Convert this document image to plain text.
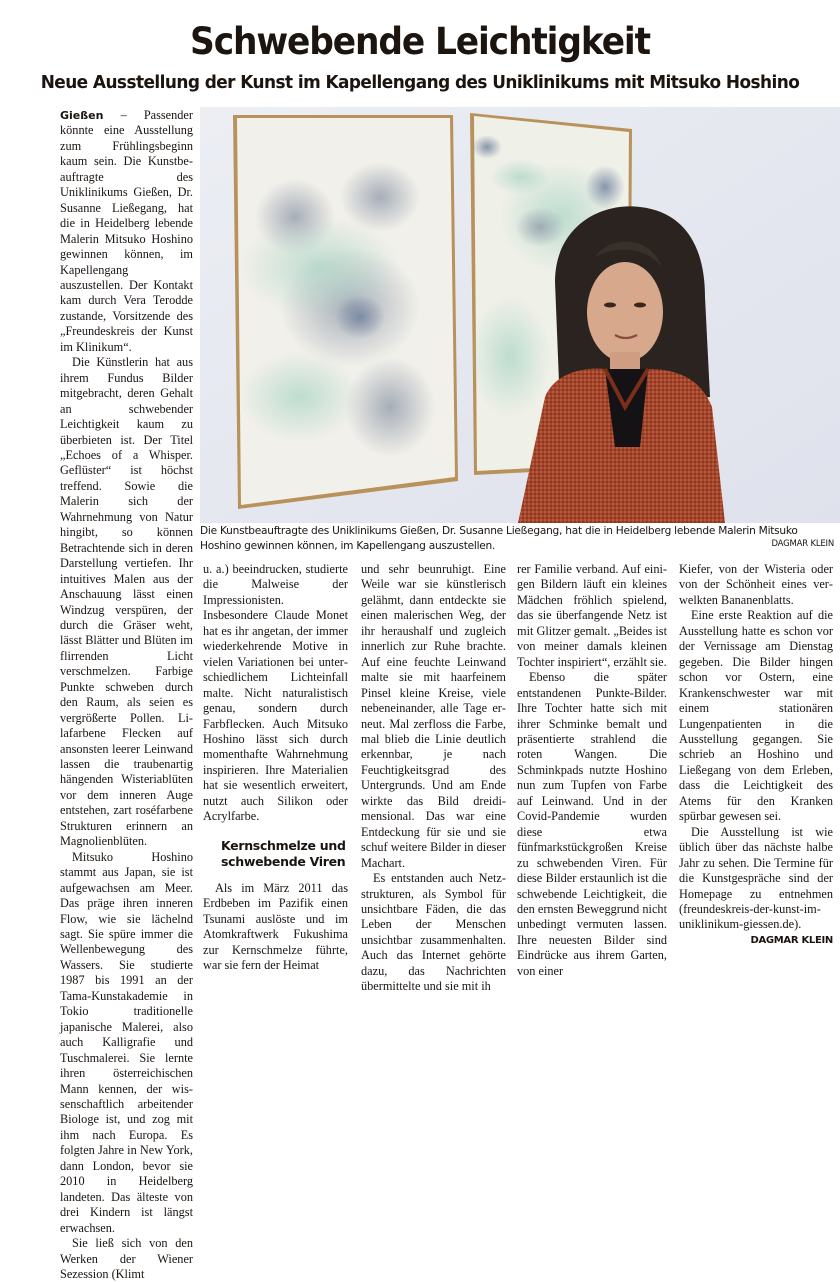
Schwebende Leichtigkeit
Neue Ausstellung der Kunst im Kapellengang des Uniklinikums mit Mitsuko Hoshino

Gießen – Passender könnte eine Ausstellung zum Frühlingsbeginn kaum sein. Die Kunstbeauftragte des Uniklinikums Gießen, Dr. Susanne Ließegang, hat die in Heidelberg lebende Malerin Mitsuko Hoshino gewinnen können, im Kapellengang auszustellen. Der Kontakt kam durch Vera Terodde zustande, Vorsitzende des „Freundeskreis der Kunst im Klinikum“.

Die Künstlerin hat aus ihrem Fundus Bilder mitgebracht, deren Gehalt an schwebender Leichtigkeit kaum zu überbieten ist. Der Titel „Echoes of a Whisper. Geflüster“ ist höchst treffend. Sowie die Malerin sich der Wahrnehmung von Natur hingibt, so können Betrachtende sich in deren Darstellung vertiefen. Ihr intuitives Malen aus der Anschauung lässt einen Windzug verspüren, der durch die Gräser weht, lässt Blätter und Blüten im flirrenden Licht verschmelzen. Farbige Punkte schweben durch den Raum, als seien es vergrößerte Pollen. Lilafarbene Flecken auf ansonsten leerer Leinwand lassen die traubenartig hängenden Wisteriablüten vor dem inneren Auge entstehen, zart roséfarbene Strukturen erinnern an Magnolienblüten.

Mitsuko Hoshino stammt aus Japan, sie ist aufgewachsen am Meer. Das präge ihren inneren Flow, wie sie lächelnd sagt. Sie spüre immer die Wellenbewegung des Wassers. Sie studierte 1987 bis 1991 an der Tama-Kunstakademie in Tokio traditionelle japanische Malerei, also auch Kalligrafie und Tuschmalerei. Sie lernte ihren österreichischen Mann kennen, der wissenschaftlich arbeitender Biologe ist, und zog mit ihm nach Europa. Es folgten Jahre in New York, dann London, bevor sie 2010 in Heidelberg landeten. Das älteste von drei Kindern ist längst erwachsen.

Sie ließ sich von den Werken der Wiener Sezession (Klimt

Die Kunstbeauftragte des Uniklinikums Gießen, Dr. Susanne Ließegang, hat die in Heidelberg lebende Malerin Mitsuko Hoshino gewinnen können, im Kapellengang auszustellen.	DAGMAR KLEIN

u. a.) beeindrucken, studierte die Malweise der Impressionisten. Insbesondere Claude Monet hat es ihr angetan, der immer wiederkehrende Motive in vielen Variationen bei unterschiedlichem Lichteinfall malte. Nicht naturalistisch genau, sondern durch Farbflecken. Auch Mitsuko Hoshino lässt sich durch momenthafte Wahrnehmung inspirieren. Ihre Materialien hat sie wesentlich erweitert, nutzt auch Silikon oder Acrylfarbe.

Kernschmelze und schwebende Viren

Als im März 2011 das Erdbeben im Pazifik einen Tsunami auslöste und im Atomkraftwerk Fukushima zur Kernschmelze führte, war sie fern der Heimat

und sehr beunruhigt. Eine Weile war sie künstlerisch gelähmt, dann entdeckte sie einen malerischen Weg, der ihr heraushalf und zugleich innerlich zur Ruhe brachte. Auf eine feuchte Leinwand malte sie mit haarfeinem Pinsel kleine Kreise, viele nebeneinander, alle Tage erneut. Mal zerfloss die Farbe, mal blieb die Linie deutlich erkennbar, je nach Feuchtigkeitsgrad des Untergrunds. Und am Ende wirkte das Bild dreidimensional. Das war eine Entdeckung für sie und sie schuf weitere Bilder in dieser Machart.

Es entstanden auch Netzstrukturen, als Symbol für unsichtbare Fäden, die das Leben der Menschen unsichtbar zusammenhalten. Auch das Internet gehörte dazu, das Nachrichten übermittelte und sie mit ih

rer Familie verband. Auf einigen Bildern läuft ein kleines Mädchen fröhlich spielend, das sie überfangende Netz ist mit Glitzer gemalt. „Beides ist von meiner damals kleinen Tochter inspiriert“, erzählt sie.

Ebenso die später entstandenen Punkte-Bilder. Ihre Tochter hatte sich mit ihrer Schminke bemalt und präsentierte strahlend die roten Wangen. Die Schminkpads nutzte Hoshino nun zum Tupfen von Farbe auf Leinwand. Und in der Covid-Pandemie wurden diese etwa fünfmarkstückgroßen Kreise zu schwebenden Viren. Für diese Bilder erstaunlich ist die schwebende Leichtigkeit, die den ernsten Beweggrund nicht unbedingt vermuten lassen. Ihre neuesten Bilder sind Eindrücke aus ihrem Garten, von einer

Kiefer, von der Wisteria oder von der Schönheit eines verwelkten Bananenblatts.

Eine erste Reaktion auf die Ausstellung hatte es schon vor der Vernissage am Dienstag gegeben. Die Bilder hingen schon vor Ostern, eine Krankenschwester war mit einem stationären Lungenpatienten in die Ausstellung gegangen. Sie schrieb an Hoshino und Ließegang von dem Erleben, dass die Leichtigkeit des Atems für den Kranken spürbar gewesen sei.

Die Ausstellung ist wie üblich über das nächste halbe Jahr zu sehen. Die Termine für die Kunstgespräche sind der Homepage zu entnehmen (freundeskreis-der-kunst-im-uniklinikum-giessen.de).

DAGMAR KLEIN
